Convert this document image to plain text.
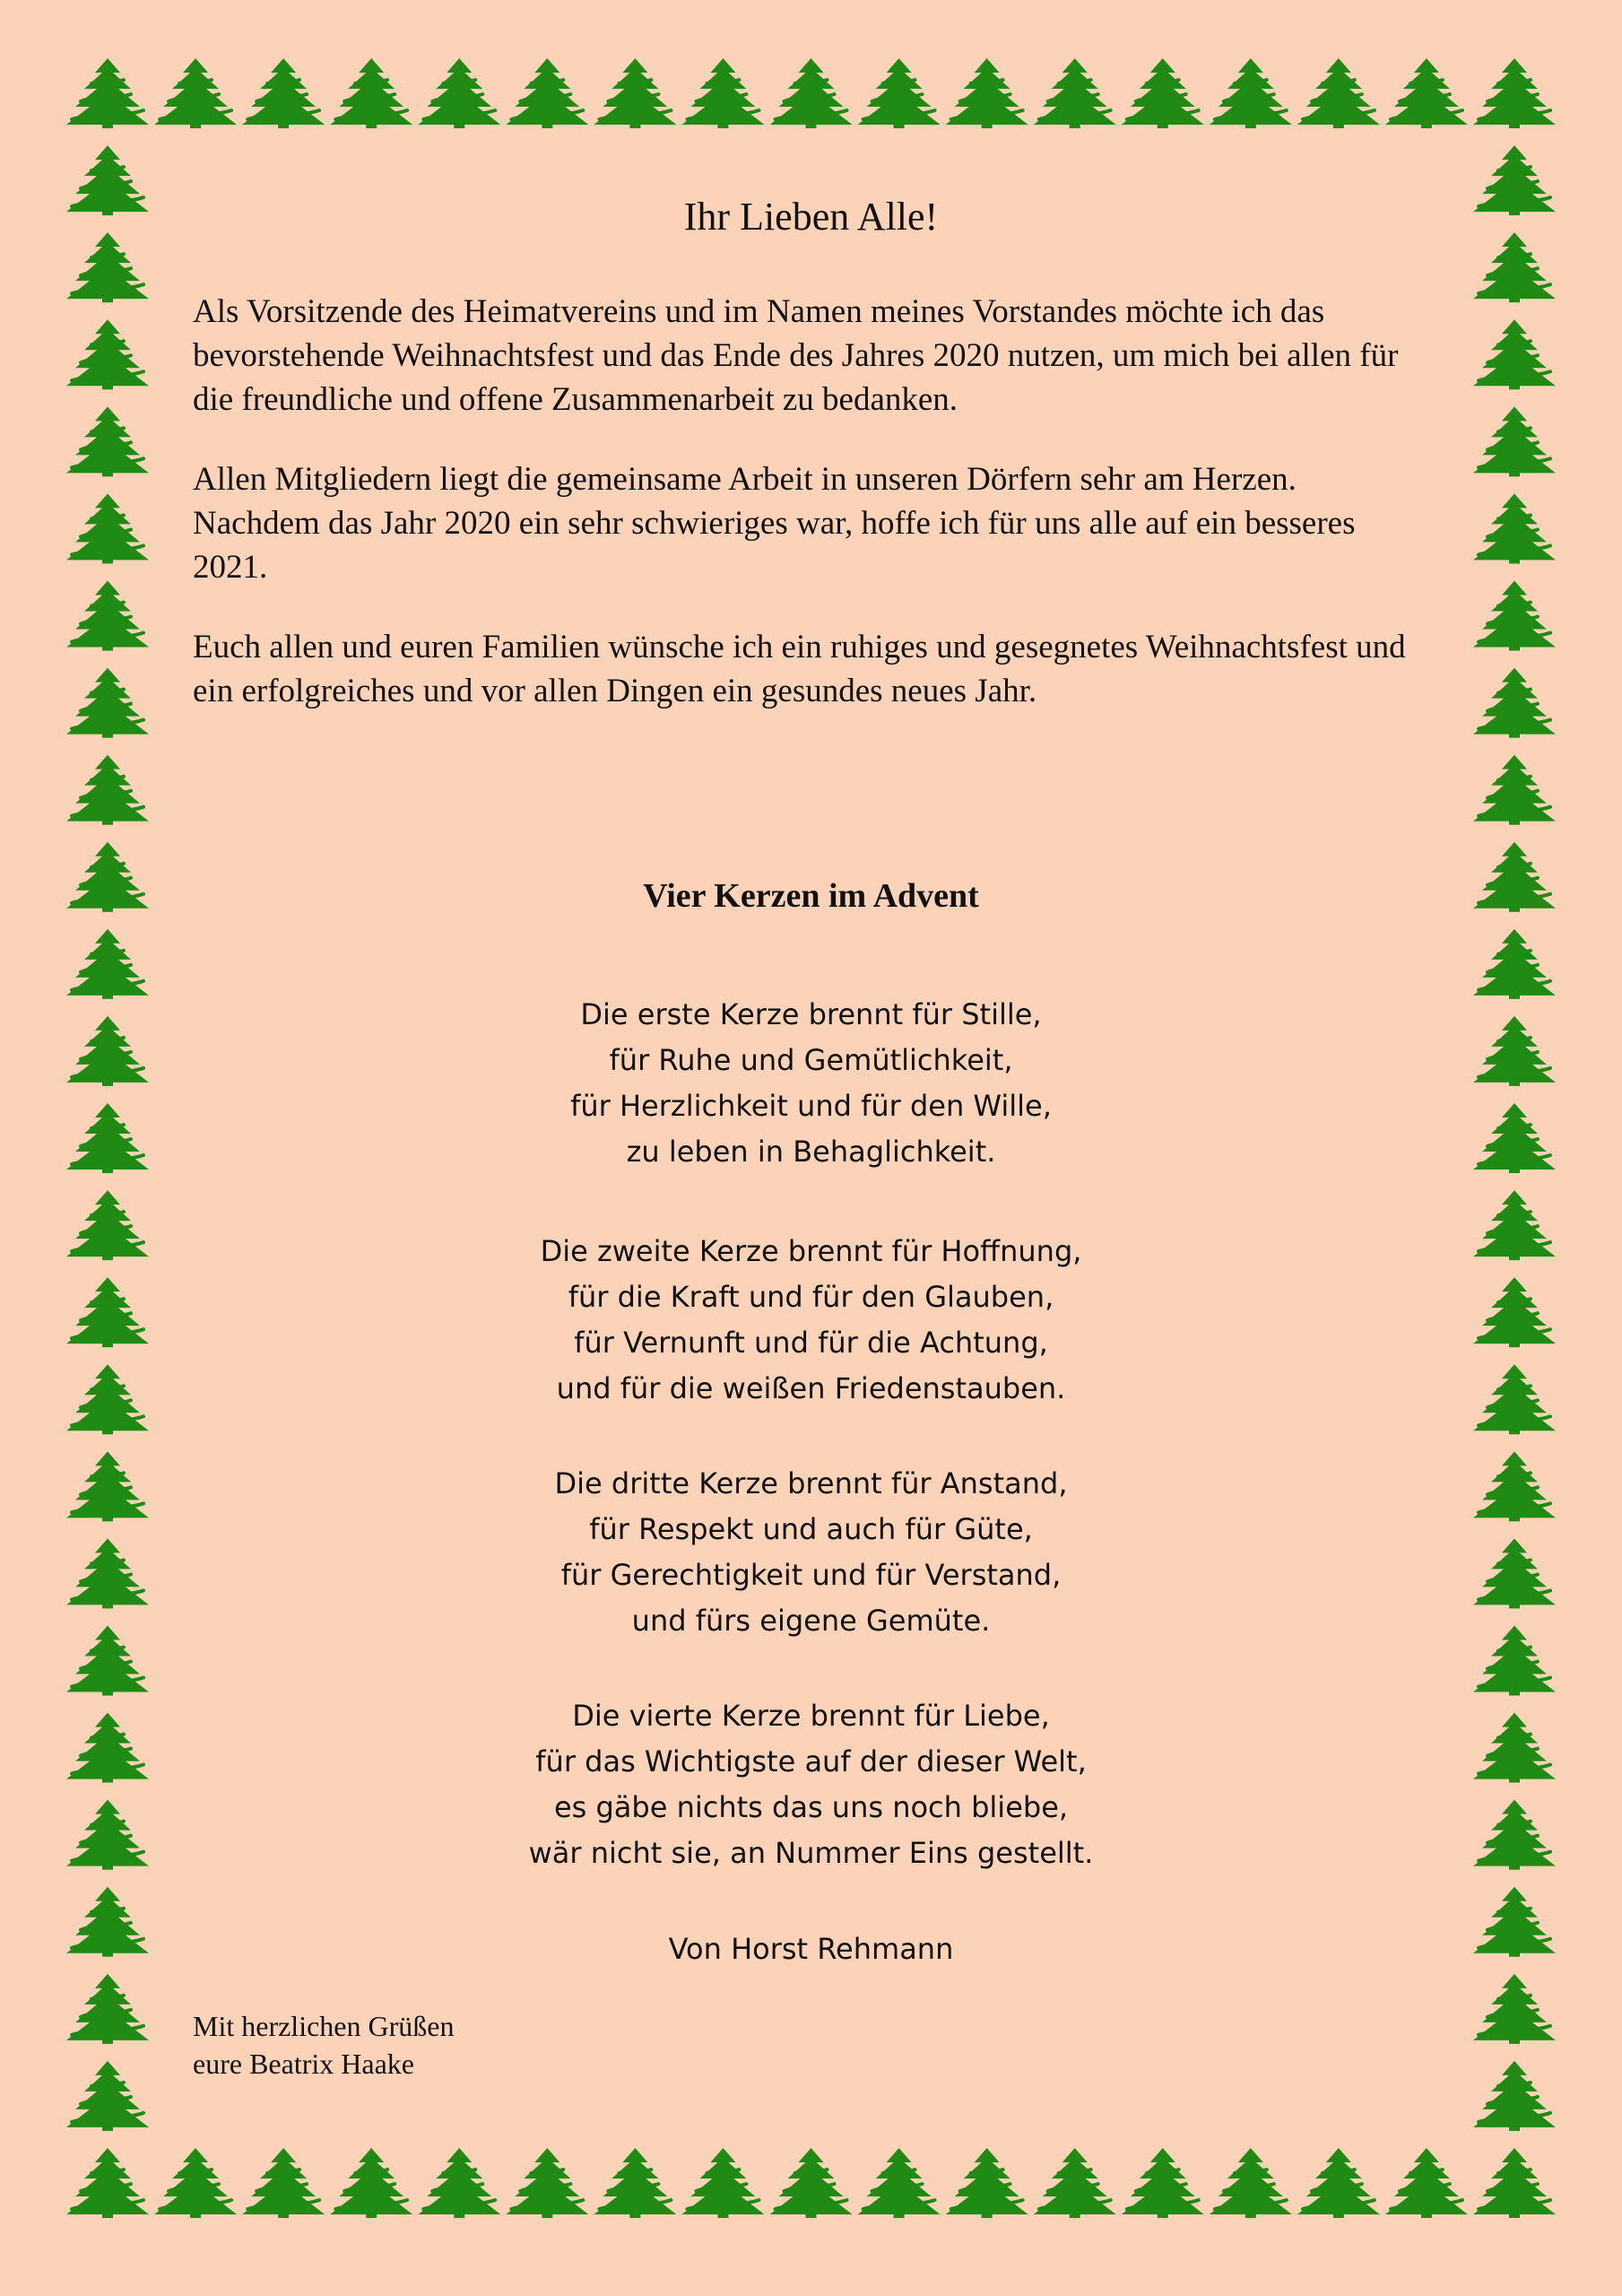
Ihr Lieben Alle!

Als Vorsitzende des Heimatvereins und im Namen meines Vorstandes möchte ich das bevorstehende Weihnachtsfest und das Ende des Jahres 2020 nutzen, um mich bei allen für die freundliche und offene Zusammenarbeit zu bedanken.

Allen Mitgliedern liegt die gemeinsame Arbeit in unseren Dörfern sehr am Herzen. Nachdem das Jahr 2020 ein sehr schwieriges war, hoffe ich für uns alle auf ein besseres 2021.

Euch allen und euren Familien wünsche ich ein ruhiges und gesegnetes Weihnachtsfest und ein erfolgreiches und vor allen Dingen ein gesundes neues Jahr.

Vier Kerzen im Advent
Die erste Kerze brennt für Stille,
für Ruhe und Gemütlichkeit,
für Herzlichkeit und für den Wille,
zu leben in Behaglichkeit.
Die zweite Kerze brennt für Hoffnung,
für die Kraft und für den Glauben,
für Vernunft und für die Achtung,
und für die weißen Friedenstauben.
Die dritte Kerze brennt für Anstand,
für Respekt und auch für Güte,
für Gerechtigkeit und für Verstand,
und fürs eigene Gemüte.
Die vierte Kerze brennt für Liebe,
für das Wichtigste auf der dieser Welt,
es gäbe nichts das uns noch bliebe,
wär nicht sie, an Nummer Eins gestellt.

Von Horst Rehmann

Mit herzlichen Grüßen
eure Beatrix Haake
